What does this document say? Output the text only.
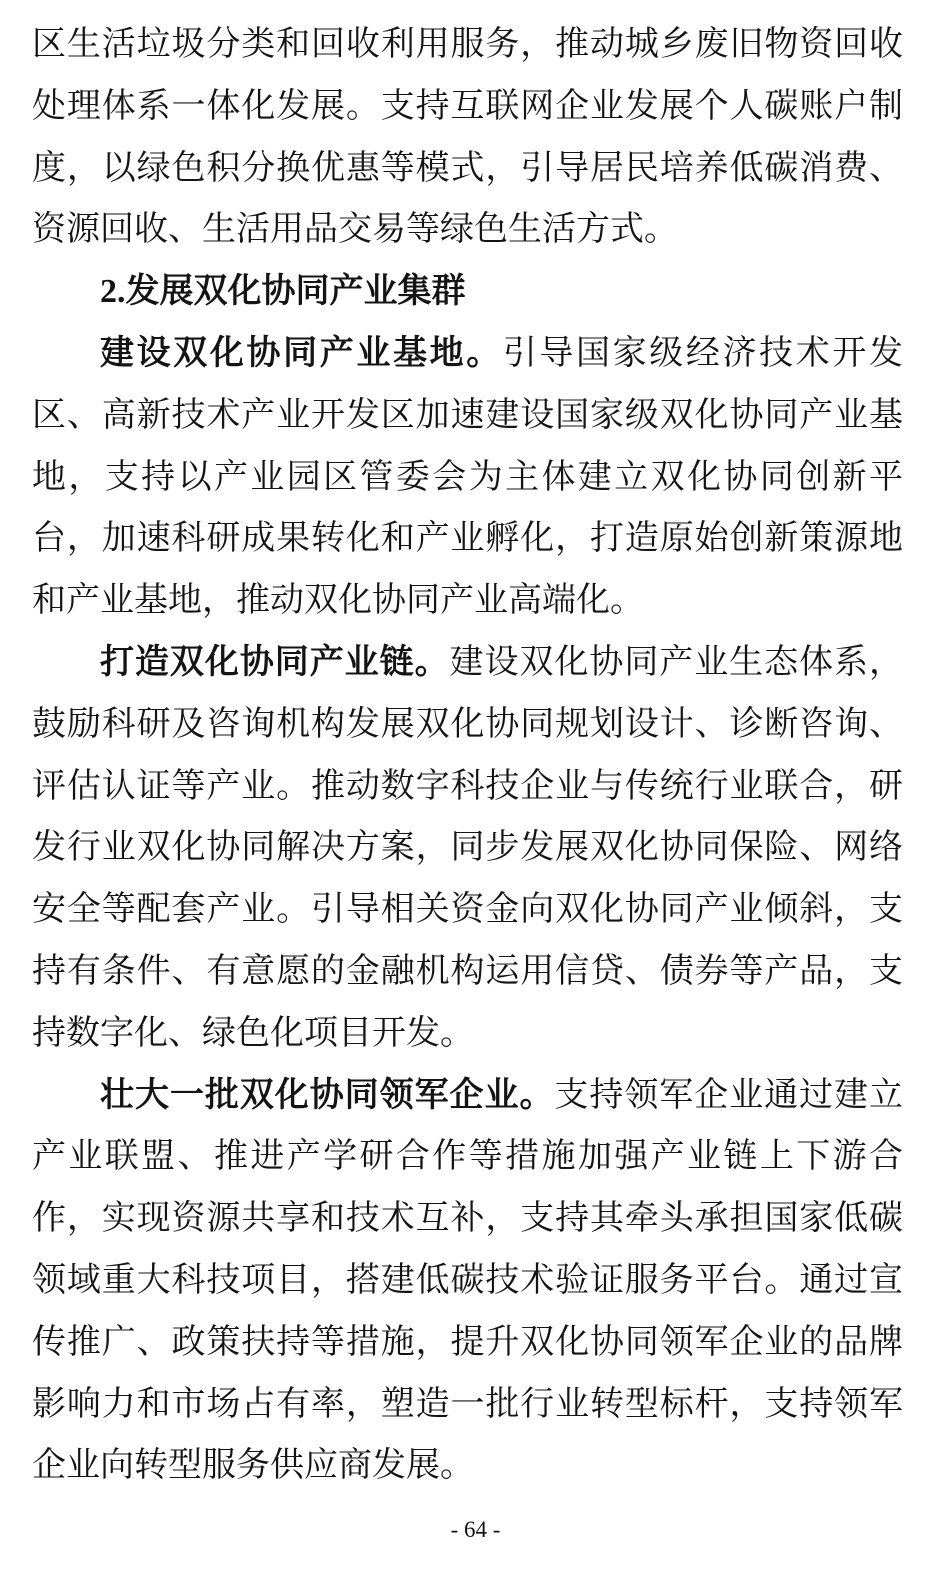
区生活垃圾分类和回收利用服务，推动城乡废旧物资回收处理体系一体化发展。支持互联网企业发展个人碳账户制度，以绿色积分换优惠等模式，引导居民培养低碳消费、资源回收、生活用品交易等绿色生活方式。

2.发展双化协同产业集群

建设双化协同产业基地。引导国家级经济技术开发区、高新技术产业开发区加速建设国家级双化协同产业基地，支持以产业园区管委会为主体建立双化协同创新平台，加速科研成果转化和产业孵化，打造原始创新策源地和产业基地，推动双化协同产业高端化。

打造双化协同产业链。建设双化协同产业生态体系，鼓励科研及咨询机构发展双化协同规划设计、诊断咨询、评估认证等产业。推动数字科技企业与传统行业联合，研发行业双化协同解决方案，同步发展双化协同保险、网络安全等配套产业。引导相关资金向双化协同产业倾斜，支持有条件、有意愿的金融机构运用信贷、债券等产品，支持数字化、绿色化项目开发。

壮大一批双化协同领军企业。支持领军企业通过建立产业联盟、推进产学研合作等措施加强产业链上下游合作，实现资源共享和技术互补，支持其牵头承担国家低碳领域重大科技项目，搭建低碳技术验证服务平台。通过宣传推广、政策扶持等措施，提升双化协同领军企业的品牌影响力和市场占有率，塑造一批行业转型标杆，支持领军企业向转型服务供应商发展。

- 64 -
